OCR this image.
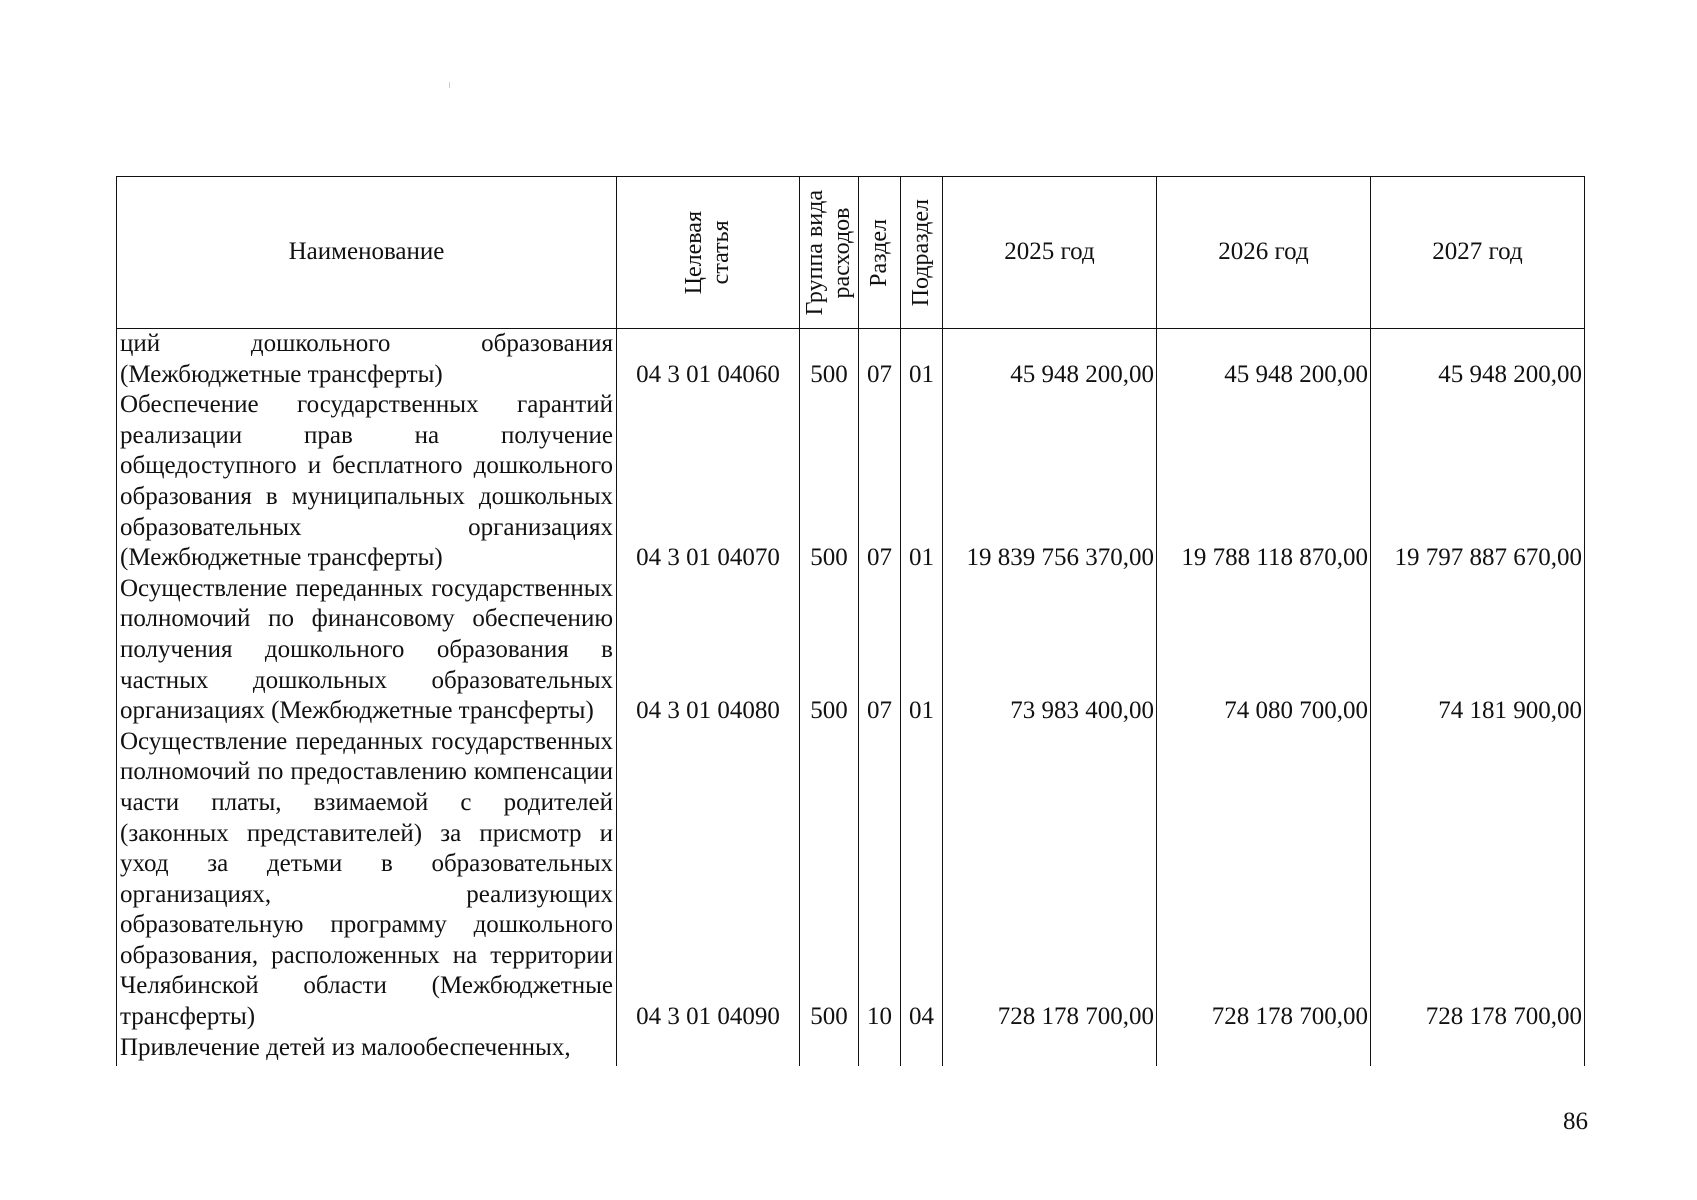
Наименование	Целевая статья	Группа вида расходов	Раздел	Подраздел	2025 год	2026 год	2027 год
ций дошкольного образования (Межбюджетные трансферты)	04 3 01 04060	500	07	01	45 948 200,00	45 948 200,00	45 948 200,00
Обеспечение государственных гарантий реализации прав на получение общедоступного и бесплатного дошкольного образования в муниципальных дошкольных образовательных организациях (Межбюджетные трансферты)	04 3 01 04070	500	07	01	19 839 756 370,00	19 788 118 870,00	19 797 887 670,00
Осуществление переданных государственных полномочий по финансовому обеспечению получения дошкольного образования в частных дошкольных образовательных организациях (Межбюджетные трансферты)	04 3 01 04080	500	07	01	73 983 400,00	74 080 700,00	74 181 900,00
Осуществление переданных государственных полномочий по предоставлению компенсации части платы, взимаемой с родителей (законных представителей) за присмотр и уход за детьми в образовательных организациях, реализующих образовательную программу дошкольного образования, расположенных на территории Челябинской области (Межбюджетные трансферты)	04 3 01 04090	500	10	04	728 178 700,00	728 178 700,00	728 178 700,00
Привлечение детей из малообеспеченных,							
86
